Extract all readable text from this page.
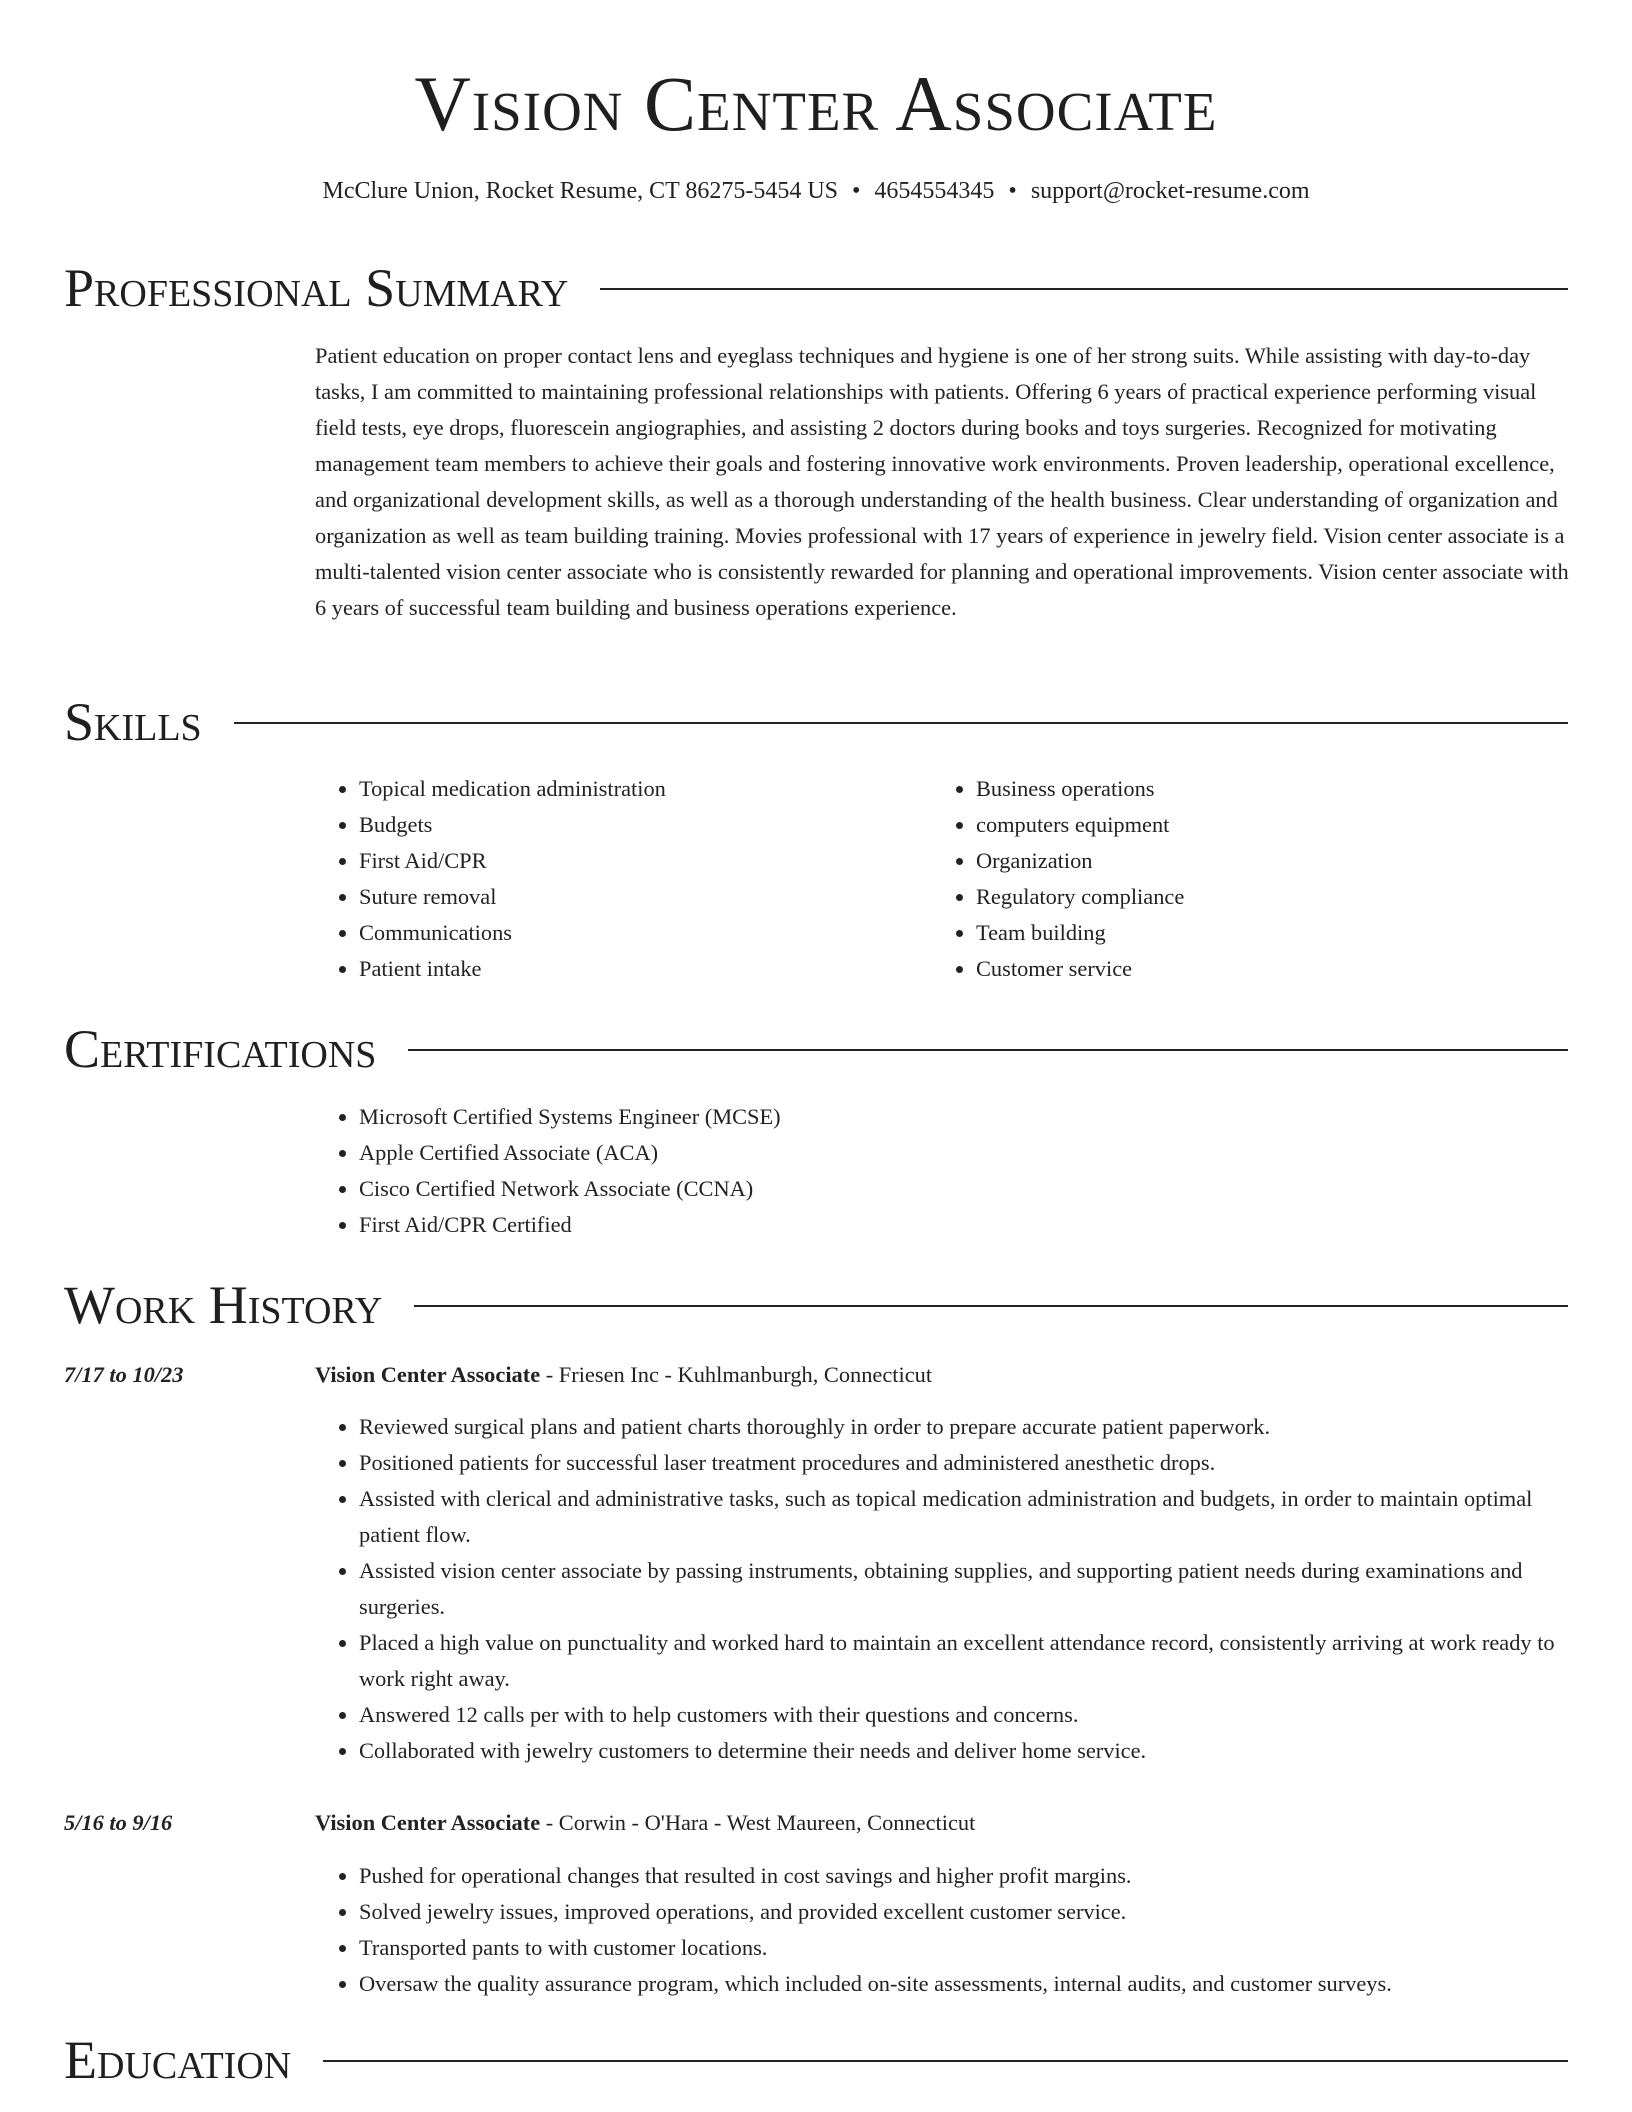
Vision Center Associate
McClure Union, Rocket Resume, CT 86275-5454 US • 4654554345 • support@rocket-resume.com
Professional Summary
Patient education on proper contact lens and eyeglass techniques and hygiene is one of her strong suits. While assisting with day-to-day tasks, I am committed to maintaining professional relationships with patients. Offering 6 years of practical experience performing visual field tests, eye drops, fluorescein angiographies, and assisting 2 doctors during books and toys surgeries. Recognized for motivating management team members to achieve their goals and fostering innovative work environments. Proven leadership, operational excellence, and organizational development skills, as well as a thorough understanding of the health business. Clear understanding of organization and organization as well as team building training. Movies professional with 17 years of experience in jewelry field. Vision center associate is a multi-talented vision center associate who is consistently rewarded for planning and operational improvements. Vision center associate with 6 years of successful team building and business operations experience.
Skills
• Topical medication administration
• Budgets
• First Aid/CPR
• Suture removal
• Communications
• Patient intake
• Business operations
• computers equipment
• Organization
• Regulatory compliance
• Team building
• Customer service
Certifications
• Microsoft Certified Systems Engineer (MCSE)
• Apple Certified Associate (ACA)
• Cisco Certified Network Associate (CCNA)
• First Aid/CPR Certified
Work History
7/17 to 10/23	Vision Center Associate - Friesen Inc - Kuhlmanburgh, Connecticut
• Reviewed surgical plans and patient charts thoroughly in order to prepare accurate patient paperwork.
• Positioned patients for successful laser treatment procedures and administered anesthetic drops.
• Assisted with clerical and administrative tasks, such as topical medication administration and budgets, in order to maintain optimal patient flow.
• Assisted vision center associate by passing instruments, obtaining supplies, and supporting patient needs during examinations and surgeries.
• Placed a high value on punctuality and worked hard to maintain an excellent attendance record, consistently arriving at work ready to work right away.
• Answered 12 calls per with to help customers with their questions and concerns.
• Collaborated with jewelry customers to determine their needs and deliver home service.
5/16 to 9/16	Vision Center Associate - Corwin - O'Hara - West Maureen, Connecticut
• Pushed for operational changes that resulted in cost savings and higher profit margins.
• Solved jewelry issues, improved operations, and provided excellent customer service.
• Transported pants to with customer locations.
• Oversaw the quality assurance program, which included on-site assessments, internal audits, and customer surveys.
Education
